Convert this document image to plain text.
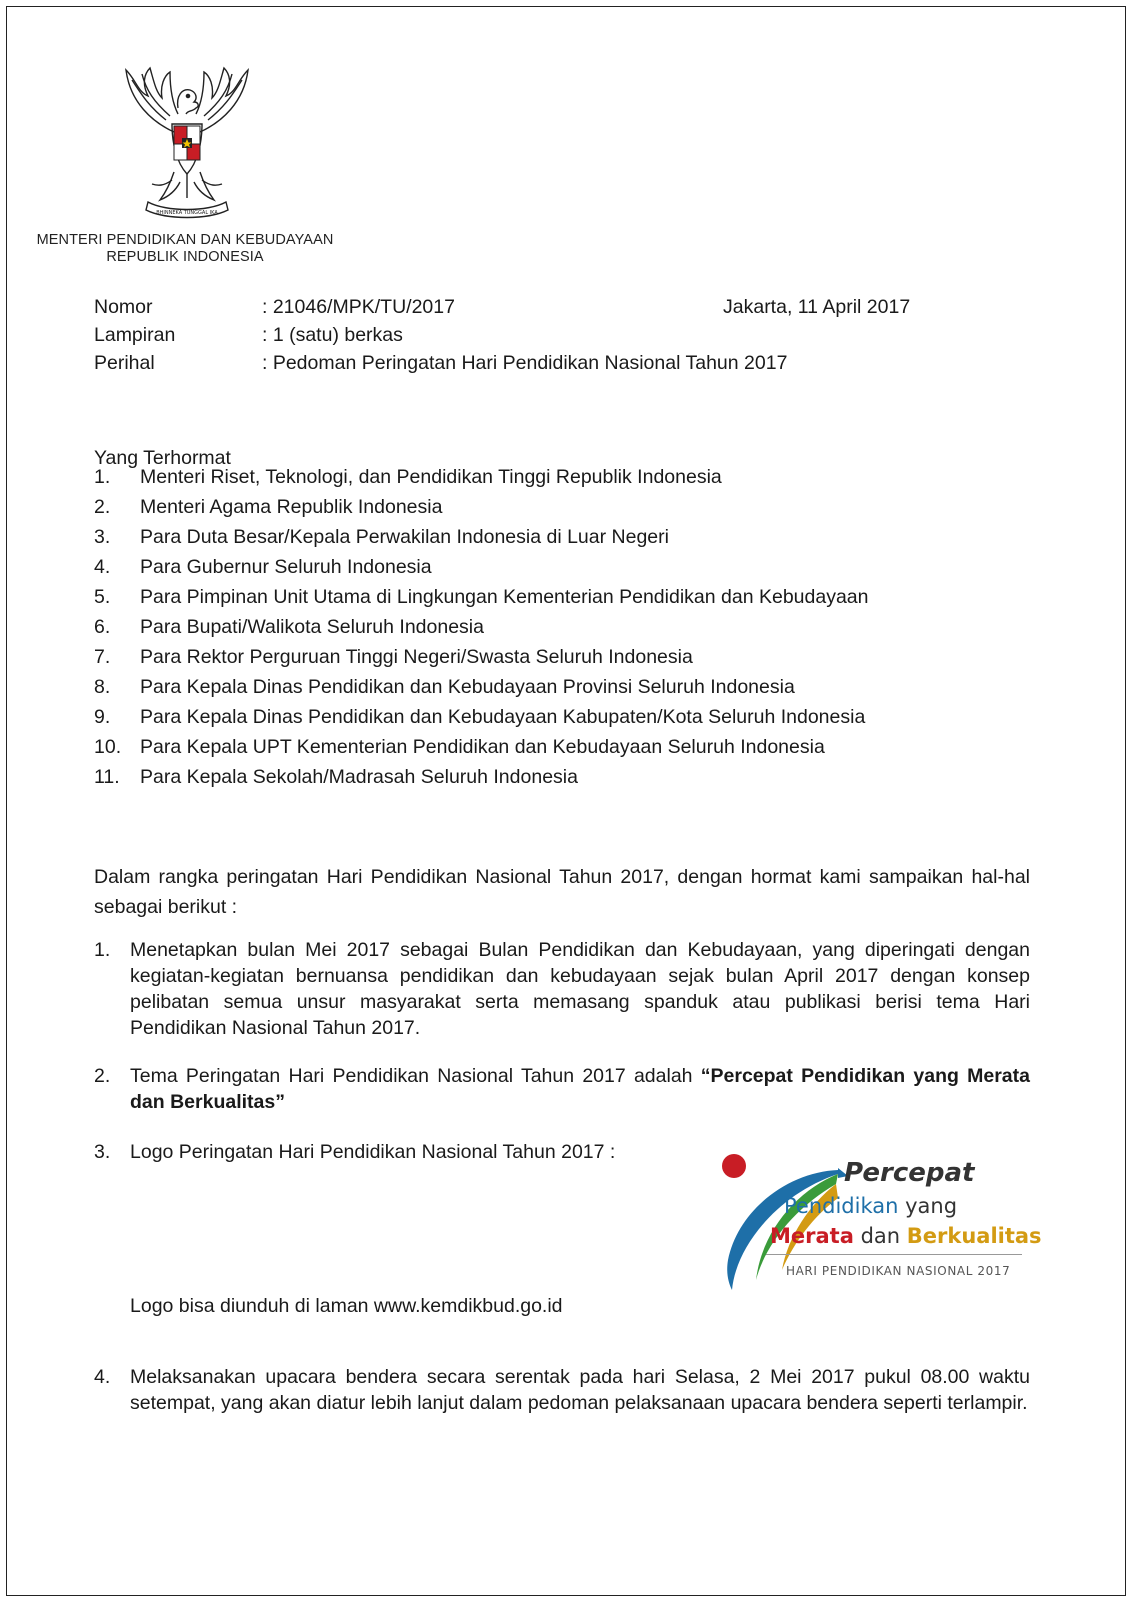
BHINNEKA TUNGGAL IKA
MENTERI PENDIDIKAN DAN KEBUDAYAAN
REPUBLIK INDONESIA
Nomor	: 21046/MPK/TU/2017
Lampiran	: 1 (satu) berkas
Perihal	: Pedoman Peringatan Hari Pendidikan Nasional Tahun 2017
Jakarta, 11 April 2017
Yang Terhormat
1. Menteri Riset, Teknologi, dan Pendidikan Tinggi Republik Indonesia
2. Menteri Agama Republik Indonesia
3. Para Duta Besar/Kepala Perwakilan Indonesia di Luar Negeri
4. Para Gubernur Seluruh Indonesia
5. Para Pimpinan Unit Utama di Lingkungan Kementerian Pendidikan dan Kebudayaan
6. Para Bupati/Walikota Seluruh Indonesia
7. Para Rektor Perguruan Tinggi Negeri/Swasta Seluruh Indonesia
8. Para Kepala Dinas Pendidikan dan Kebudayaan Provinsi Seluruh Indonesia
9. Para Kepala Dinas Pendidikan dan Kebudayaan Kabupaten/Kota Seluruh Indonesia
10. Para Kepala UPT Kementerian Pendidikan dan Kebudayaan Seluruh Indonesia
11. Para Kepala Sekolah/Madrasah Seluruh Indonesia
Dalam rangka peringatan Hari Pendidikan Nasional Tahun 2017, dengan hormat kami sampaikan hal-hal sebagai berikut :
1. Menetapkan bulan Mei 2017 sebagai Bulan Pendidikan dan Kebudayaan, yang diperingati dengan kegiatan-kegiatan bernuansa pendidikan dan kebudayaan sejak bulan April 2017 dengan konsep pelibatan semua unsur masyarakat serta memasang spanduk atau publikasi berisi tema Hari Pendidikan Nasional Tahun 2017.
2. Tema Peringatan Hari Pendidikan Nasional Tahun 2017 adalah “Percepat Pendidikan yang Merata dan Berkualitas”
3. Logo Peringatan Hari Pendidikan Nasional Tahun 2017 :
Percepat
Pendidikan yang
Merata dan Berkualitas
HARI PENDIDIKAN NASIONAL 2017
Logo bisa diunduh di laman www.kemdikbud.go.id
4. Melaksanakan upacara bendera secara serentak pada hari Selasa, 2 Mei 2017 pukul 08.00 waktu setempat, yang akan diatur lebih lanjut dalam pedoman pelaksanaan upacara bendera seperti terlampir.
